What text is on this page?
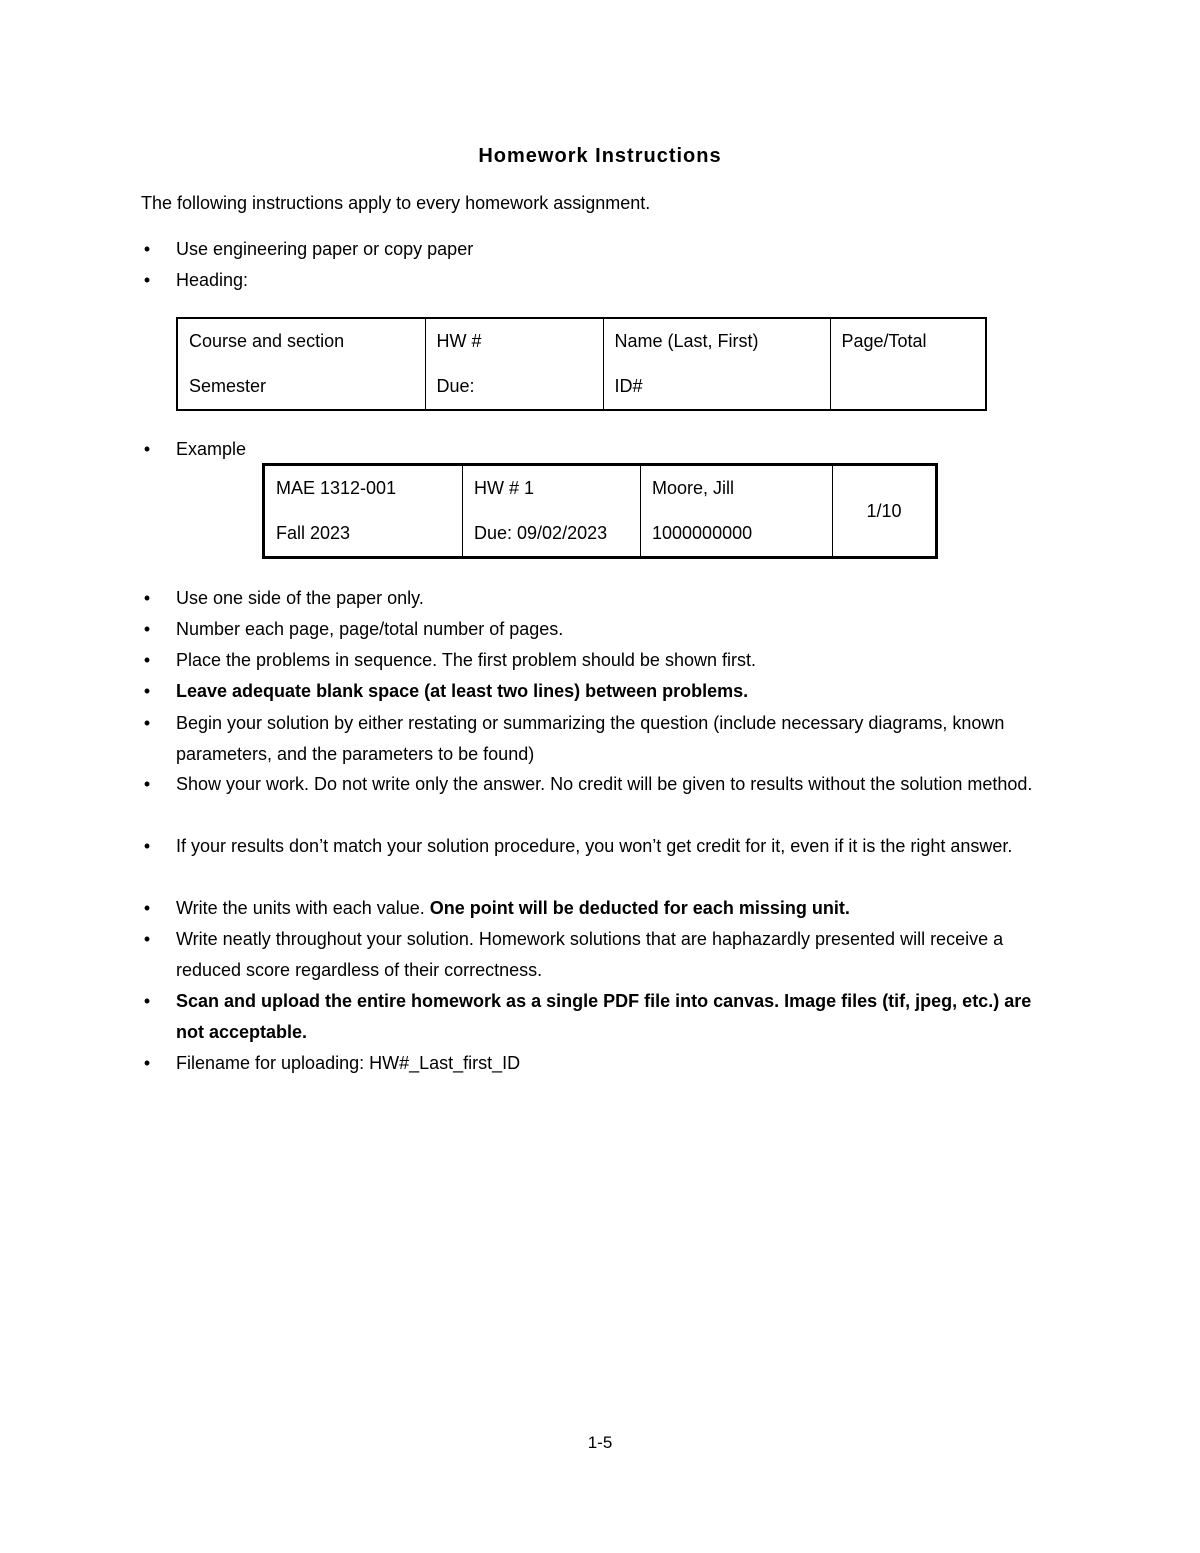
Homework Instructions
The following instructions apply to every homework assignment.
• Use engineering paper or copy paper
• Heading:
Course and section
Semester

HW #
Due:

Name (Last, First)
ID#

Page/Total
• Example
MAE 1312-001
Fall 2023

HW # 1
Due: 09/02/2023

Moore, Jill
1000000000
	1/10
• Use one side of the paper only.
• Number each page, page/total number of pages.
• Place the problems in sequence. The first problem should be shown first.
• Leave adequate blank space (at least two lines) between problems.
• Begin your solution by either restating or summarizing the question (include necessary diagrams, known parameters, and the parameters to be found)
• Show your work. Do not write only the answer. No credit will be given to results without the solution method.
• If your results don’t match your solution procedure, you won’t get credit for it, even if it is the right answer.
• Write the units with each value. One point will be deducted for each missing unit.
• Write neatly throughout your solution. Homework solutions that are haphazardly presented will receive a reduced score regardless of their correctness.
• Scan and upload the entire homework as a single PDF file into canvas. Image files (tif, jpeg, etc.) are not acceptable.
• Filename for uploading: HW#_Last_first_ID
1-5
